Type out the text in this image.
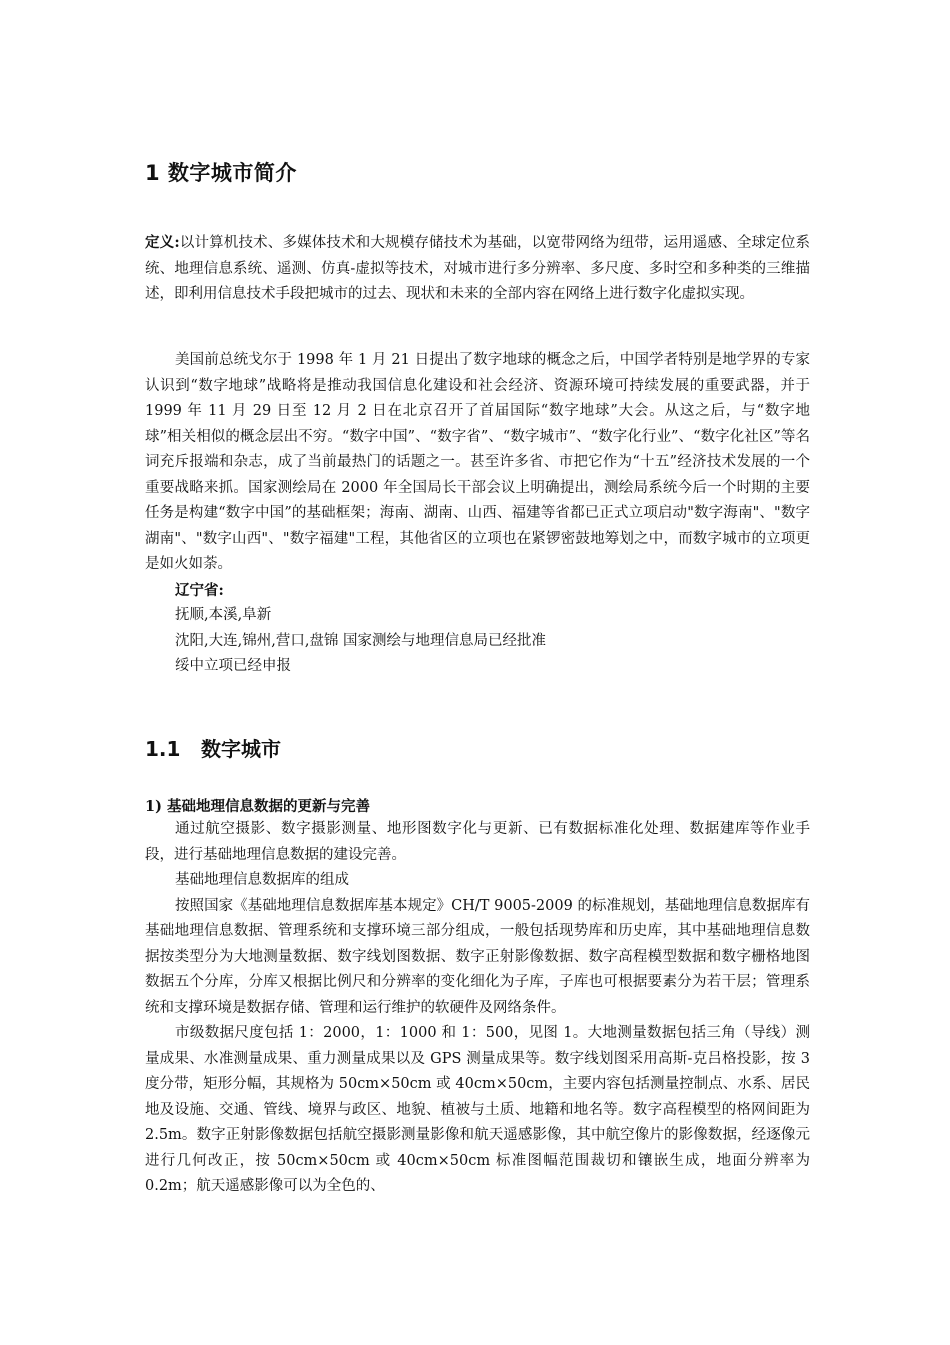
1 数字城市简介

定义:以计算机技术、多媒体技术和大规模存储技术为基础，以宽带网络为纽带，运用遥感、全球定位系统、地理信息系统、遥测、仿真-虚拟等技术，对城市进行多分辨率、多尺度、多时空和多种类的三维描述，即利用信息技术手段把城市的过去、现状和未来的全部内容在网络上进行数字化虚拟实现。

美国前总统戈尔于 1998 年 1 月 21 日提出了数字地球的概念之后，中国学者特别是地学界的专家认识到“数字地球”战略将是推动我国信息化建设和社会经济、资源环境可持续发展的重要武器，并于 1999 年 11 月 29 日至 12 月 2 日在北京召开了首届国际“数字地球”大会。从这之后，与“数字地球”相关相似的概念层出不穷。“数字中国”、“数字省”、“数字城市”、“数字化行业”、“数字化社区”等名词充斥报端和杂志，成了当前最热门的话题之一。甚至许多省、市把它作为“十五”经济技术发展的一个重要战略来抓。国家测绘局在 2000 年全国局长干部会议上明确提出，测绘局系统今后一个时期的主要任务是构建“数字中国”的基础框架；海南、湖南、山西、福建等省都已正式立项启动"数字海南"、"数字湖南"、"数字山西"、"数字福建"工程，其他省区的立项也在紧锣密鼓地筹划之中，而数字城市的立项更是如火如荼。

辽宁省:

抚顺,本溪,阜新

沈阳,大连,锦州,营口,盘锦 国家测绘与地理信息局已经批准

绥中立项已经申报

1.1 数字城市
1) 基础地理信息数据的更新与完善

通过航空摄影、数字摄影测量、地形图数字化与更新、已有数据标准化处理、数据建库等作业手段，进行基础地理信息数据的建设完善。

基础地理信息数据库的组成

按照国家《基础地理信息数据库基本规定》CH/T 9005-2009 的标准规划，基础地理信息数据库有基础地理信息数据、管理系统和支撑环境三部分组成，一般包括现势库和历史库，其中基础地理信息数据按类型分为大地测量数据、数字线划图数据、数字正射影像数据、数字高程模型数据和数字栅格地图数据五个分库，分库又根据比例尺和分辨率的变化细化为子库，子库也可根据要素分为若干层；管理系统和支撑环境是数据存储、管理和运行维护的软硬件及网络条件。

市级数据尺度包括 1：2000，1：1000 和 1：500，见图 1。大地测量数据包括三角（导线）测量成果、水准测量成果、重力测量成果以及 GPS 测量成果等。数字线划图采用高斯-克吕格投影，按 3 度分带，矩形分幅，其规格为 50cm×50cm 或 40cm×50cm，主要内容包括测量控制点、水系、居民地及设施、交通、管线、境界与政区、地貌、植被与土质、地籍和地名等。数字高程模型的格网间距为 2.5m。数字正射影像数据包括航空摄影测量影像和航天遥感影像，其中航空像片的影像数据，经逐像元进行几何改正，按 50cm×50cm 或 40cm×50cm 标准图幅范围裁切和镶嵌生成，地面分辨率为 0.2m；航天遥感影像可以为全色的、
